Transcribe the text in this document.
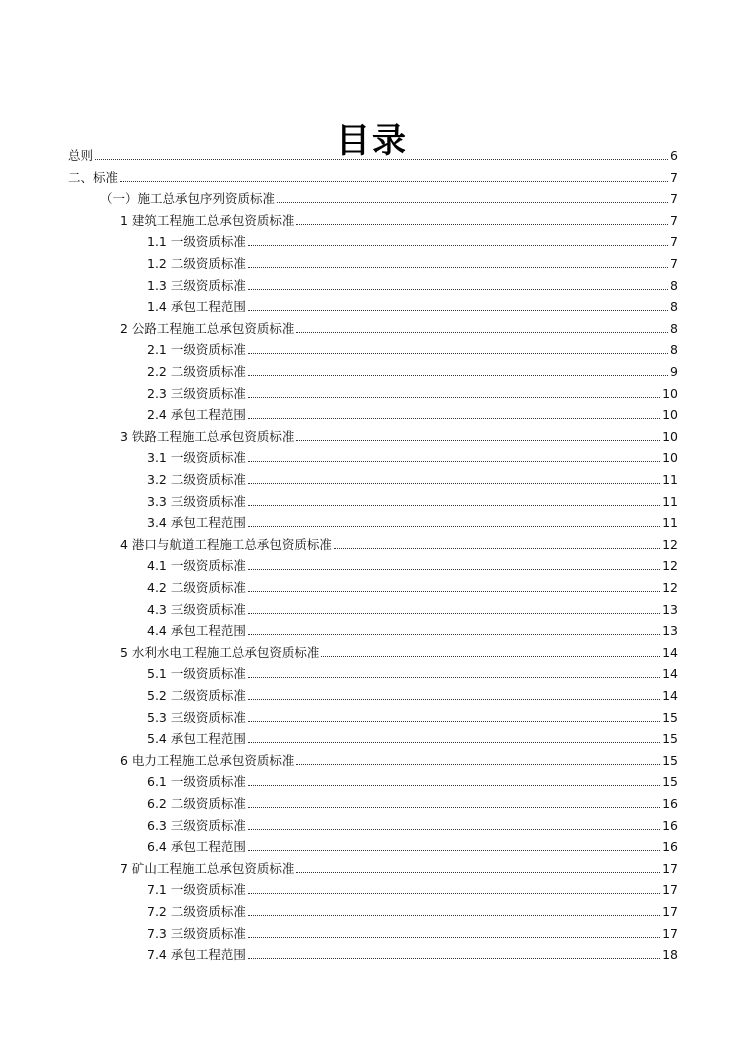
目录
总则	6
二、标准	7
（一）施工总承包序列资质标准	7
1 建筑工程施工总承包资质标准	7
1.1 一级资质标准	7
1.2 二级资质标准	7
1.3 三级资质标准	8
1.4 承包工程范围	8
2 公路工程施工总承包资质标准	8
2.1 一级资质标准	8
2.2 二级资质标准	9
2.3 三级资质标准	10
2.4 承包工程范围	10
3 铁路工程施工总承包资质标准	10
3.1 一级资质标准	10
3.2 二级资质标准	11
3.3 三级资质标准	11
3.4 承包工程范围	11
4 港口与航道工程施工总承包资质标准	12
4.1 一级资质标准	12
4.2 二级资质标准	12
4.3 三级资质标准	13
4.4 承包工程范围	13
5 水利水电工程施工总承包资质标准	14
5.1 一级资质标准	14
5.2 二级资质标准	14
5.3 三级资质标准	15
5.4 承包工程范围	15
6 电力工程施工总承包资质标准	15
6.1 一级资质标准	15
6.2 二级资质标准	16
6.3 三级资质标准	16
6.4 承包工程范围	16
7 矿山工程施工总承包资质标准	17
7.1 一级资质标准	17
7.2 二级资质标准	17
7.3 三级资质标准	17
7.4 承包工程范围	18
